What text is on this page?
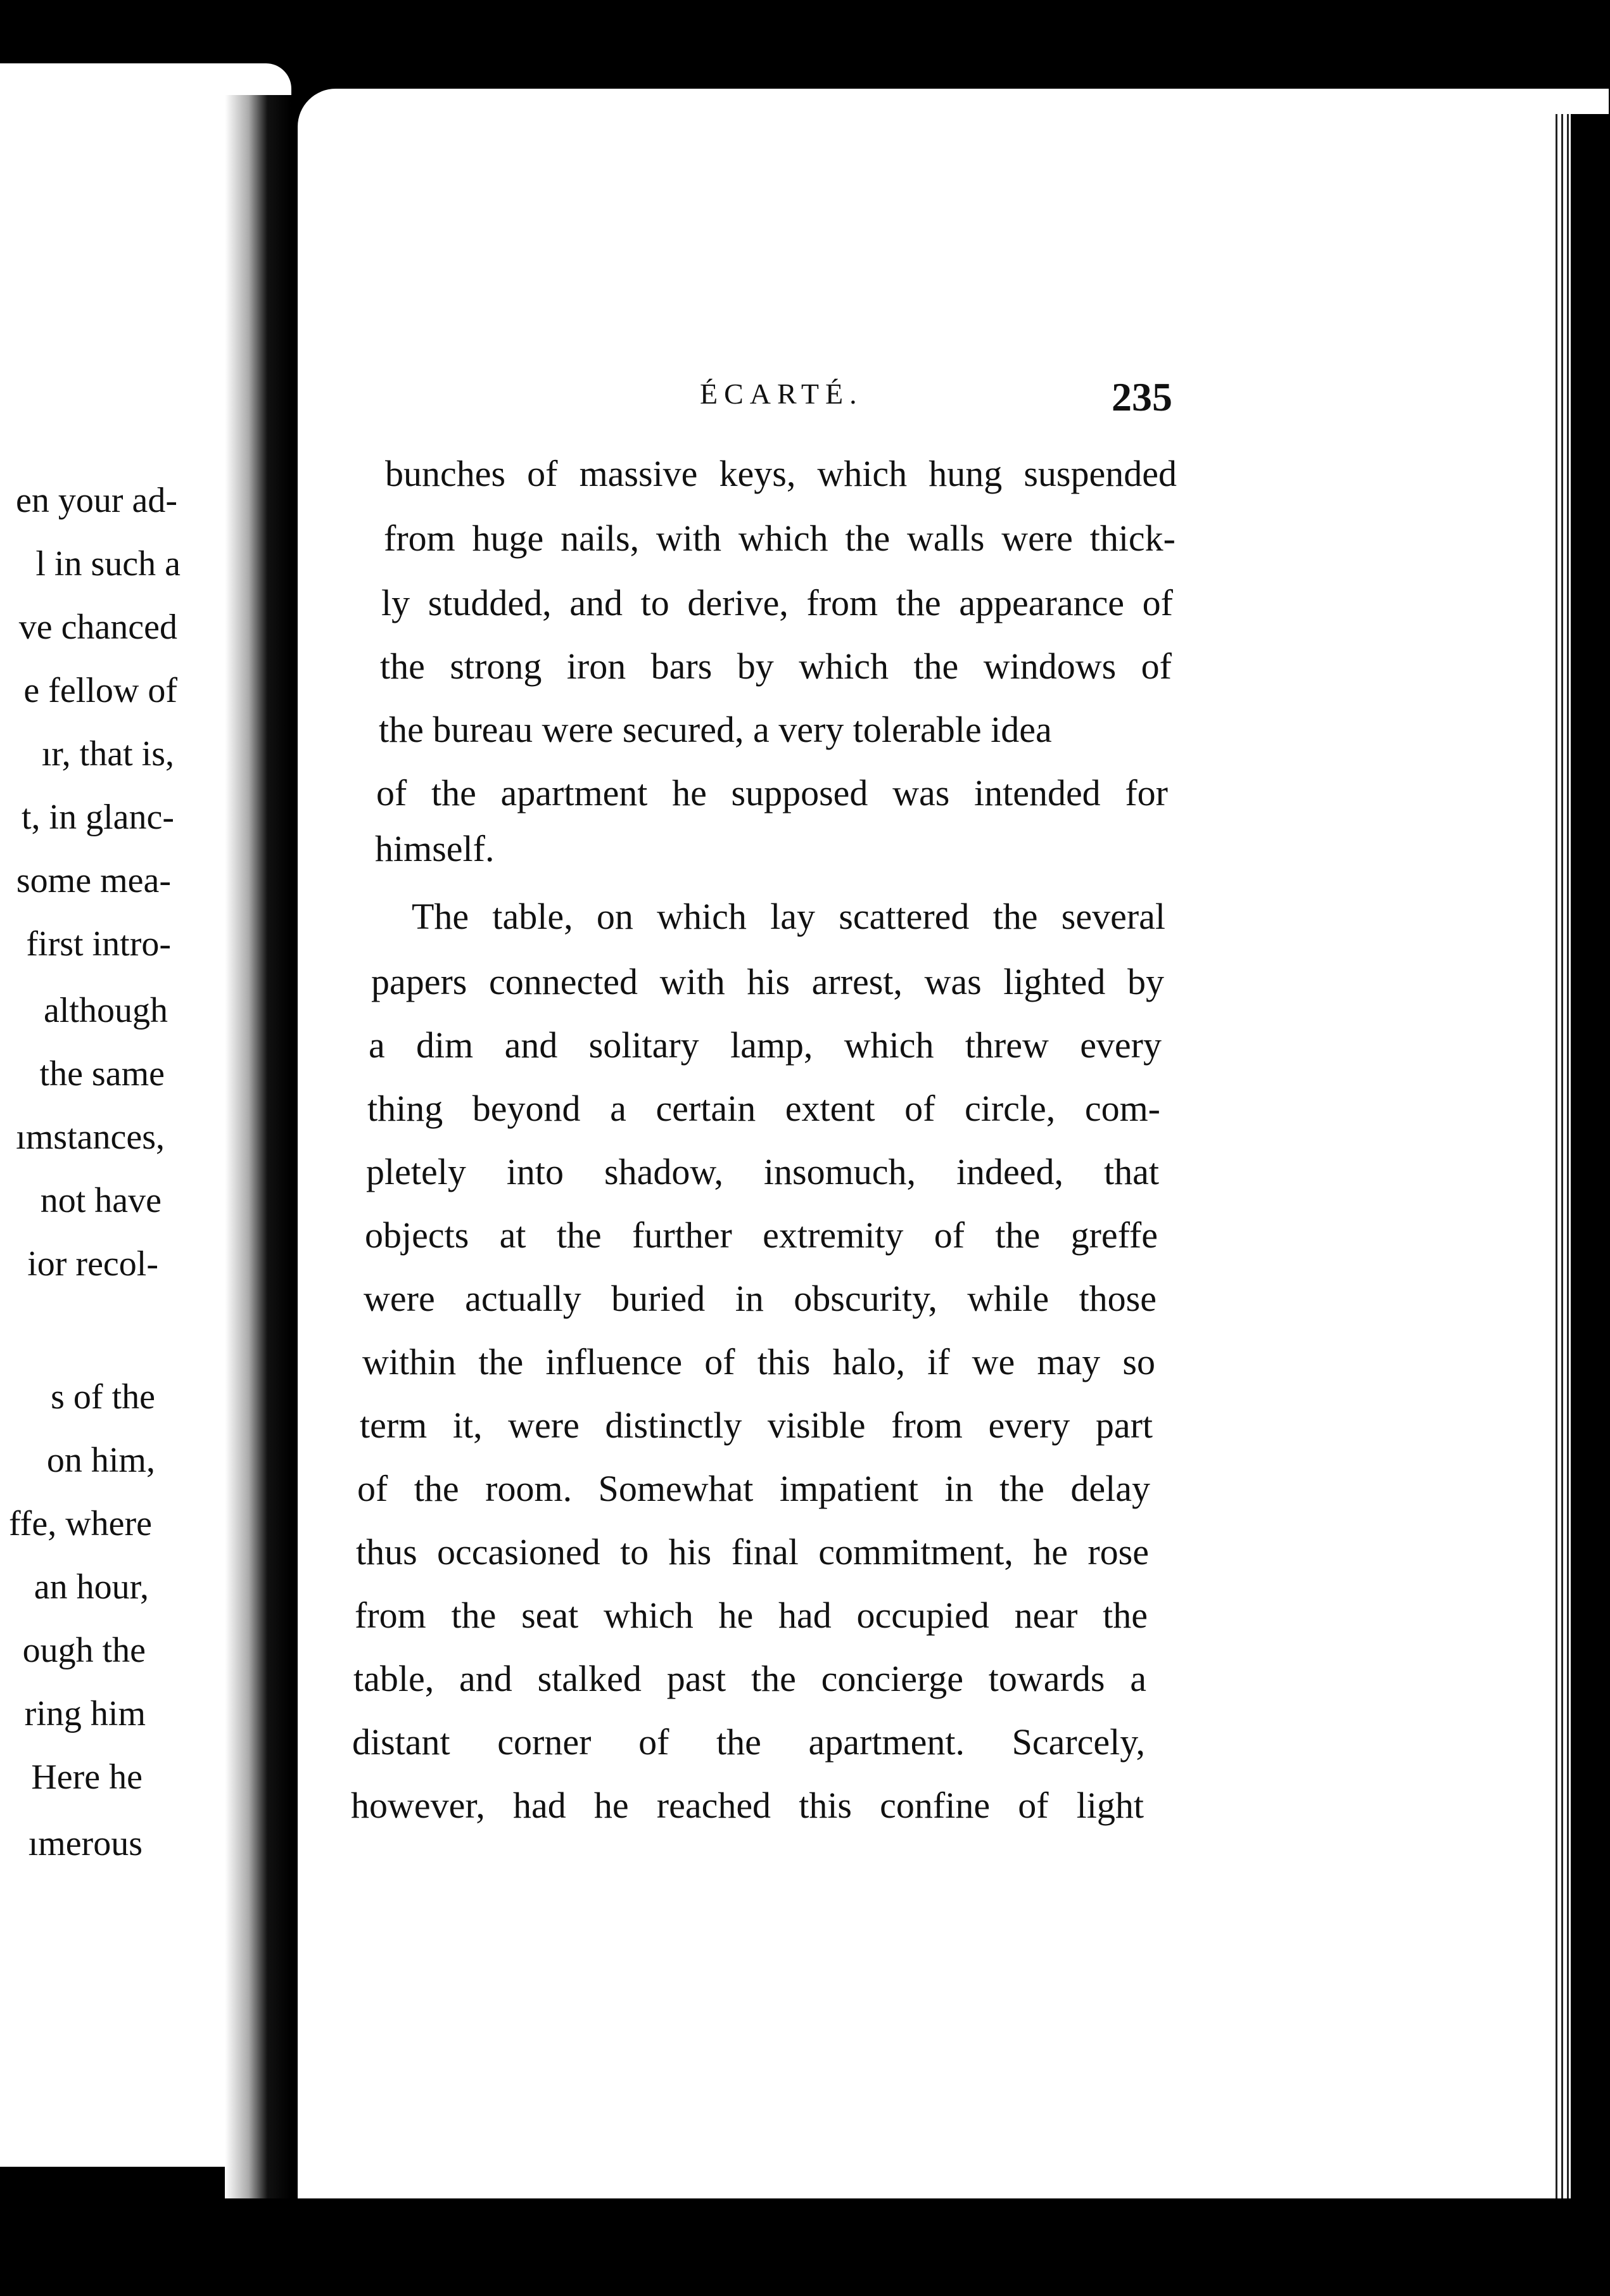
en your ad-
l in such a
ve chanced
e fellow of
ır, that is,
t, in glanc-
some mea-
first intro-
although
the same
ımstances,
not have
ior recol-
s of the
on him,
ffe, where
an hour,
ough the
ring him
Here he
ımerous
ÉCARTÉ.	235
bunches of massive keys, which hung suspended
from huge nails, with which the walls were thick-
ly studded, and to derive, from the appearance of
the strong iron bars by which the windows of
the bureau were secured, a very tolerable idea
of the apartment he supposed was intended for
himself.
The table, on which lay scattered the several
papers connected with his arrest, was lighted by
a dim and solitary lamp, which threw every
thing beyond a certain extent of circle, com-
pletely into shadow, insomuch, indeed, that
objects at the further extremity of the greffe
were actually buried in obscurity, while those
within the influence of this halo, if we may so
term it, were distinctly visible from every part
of the room. Somewhat impatient in the delay
thus occasioned to his final commitment, he rose
from the seat which he had occupied near the
table, and stalked past the concierge towards a
distant corner of the apartment. Scarcely,
however, had he reached this confine of light
